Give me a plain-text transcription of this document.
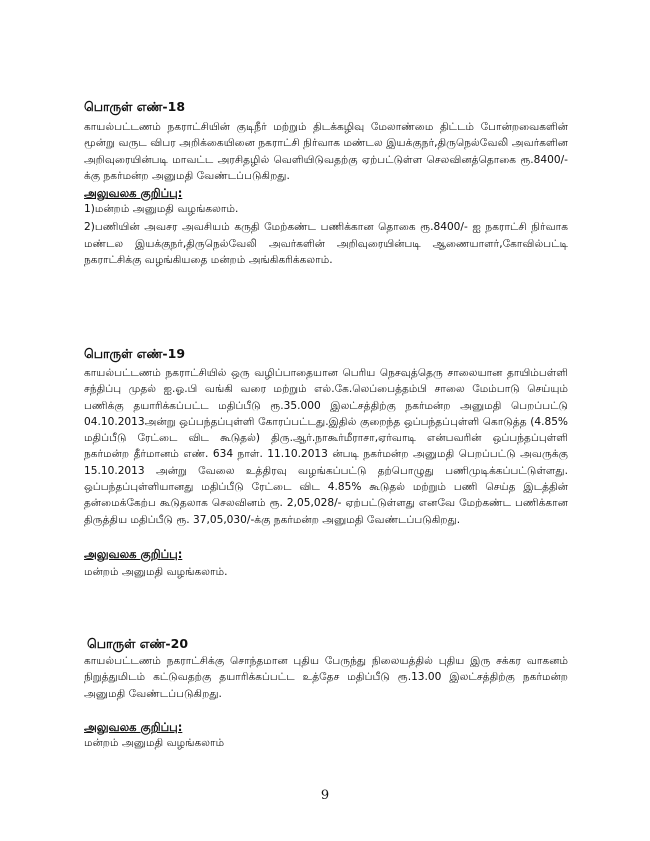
பொருள் எண்-18

காயல்பட்டணம் நகராட்சியின் குடிநீர் மற்றும் திடக்கழிவு மேலாண்மை திட்டம் போன்றவைகளின் மூன்று வருட விபர அறிக்கையினை நகராட்சி நிர்வாக மண்டல இயக்குநர்,திருநெல்வேலி அவர்களின அறிவுரையின்படி மாவட்ட அரசிதழில் வெளியிடுவதற்கு ஏற்பட்டுள்ள செலவினத்தொகை ரூ.8400/-க்கு நகர்மன்ற அனுமதி வேண்டப்படுகிறது.

அலுவலக குறிப்பு:

1)மன்றம் அனுமதி வழங்கலாம்.

2)பணியின் அவசர அவசியம் கருதி மேற்கண்ட பணிக்கான தொகை ரூ.8400/- ஐ நகராட்சி நிர்வாக மண்டல இயக்குநர்,திருநெல்வேலி அவர்களின் அறிவுரையின்படி ஆணையாளர்,கோவில்பட்டி நகராட்சிக்கு வழங்கியதை மன்றம் அங்கிகரிக்கலாம்.

பொருள் எண்-19

காயல்பட்டணம் நகராட்சியில் ஒரு வழிப்பாதையான பெரிய நெசவுத்தெரு சாலையான தாயிம்பள்ளி சந்திப்பு முதல் ஐ.ஓ.பி வங்கி வரை மற்றும் எல்.கே.லெப்பைத்தம்பி சாலை மேம்பாடு செய்யும் பணிக்கு தயாரிக்கப்பட்ட மதிப்பீடு ரூ.35.000 இலட்சத்திற்கு நகர்மன்ற அனுமதி பெறப்பட்டு 04.10.2013அன்று ஒப்பந்தப்புள்ளி கோரப்பட்டது.இதில் குறைந்த ஒப்பந்தப்புள்ளி கொடுத்த (4.85% மதிப்பீடு ரேட்டை விட கூடுதல்) திரு.ஆர்.நாகூர்மீராசா,ஏர்வாடி என்பவரின் ஒப்பந்தப்புள்ளி நகர்மன்ற தீர்மானம் எண். 634 நாள். 11.10.2013 ன்படி நகர்மன்ற அனுமதி பெறப்பட்டு அவருக்கு 15.10.2013 அன்று வேலை உத்திரவு வழங்கப்பட்டு தற்பொழுது பணிமுடிக்கப்பட்டுள்ளது. ஒப்பந்தப்புள்ளியானது மதிப்பீடு ரேட்டை விட 4.85% கூடுதல் மற்றும் பணி செய்த இடத்தின் தன்மைக்கேற்ப கூடுதலாக செலவினம் ரூ. 2,05,028/- ஏற்பட்டுள்ளது எனவே மேற்கண்ட பணிக்கான திருத்திய மதிப்பீடு ரூ. 37,05,030/-க்கு நகர்மன்ற அனுமதி வேண்டப்படுகிறது.

அலுவலக குறிப்பு:

மன்றம் அனுமதி வழங்கலாம்.

பொருள் எண்-20

காயல்பட்டணம் நகராட்சிக்கு சொந்தமான புதிய பேருந்து நிலையத்தில் புதிய இரு சக்கர வாகனம் நிறுத்துமிடம் கட்டுவதற்கு தயாரிக்கப்பட்ட உத்தேச மதிப்பீடு ரூ.13.00 இலட்சத்திற்கு நகர்மன்ற அனுமதி வேண்டப்படுகிறது.

அலுவலக குறிப்பு:

மன்றம் அனுமதி வழங்கலாம்

9
